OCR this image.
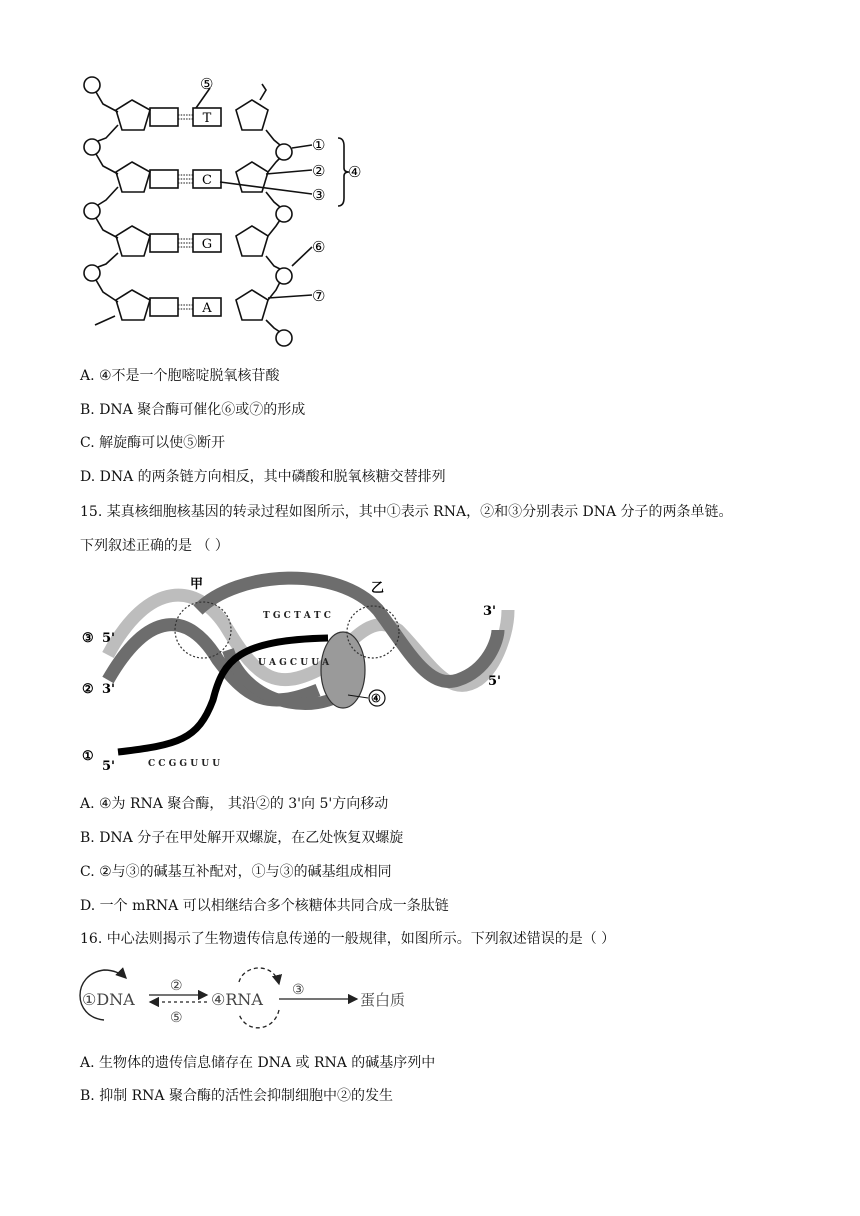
T
C
G
A
⑤
①
②
③
④
⑥
⑦
A. ④不是一个胞嘧啶脱氧核苷酸
B. DNA 聚合酶可催化⑥或⑦的形成
C. 解旋酶可以使⑤断开
D. DNA 的两条链方向相反，其中磷酸和脱氧核糖交替排列
15. 某真核细胞核基因的转录过程如图所示，其中①表示 RNA，②和③分别表示 DNA 分子的两条单链。
下列叙述正确的是 （ ）
T G C T A T C
U A G C U U A
C C G G U U U
甲	乙
③ 5'
② 3'
3'
5'
①
5'
④
A. ④为 RNA 聚合酶， 其沿②的 3'向 5'方向移动
B. DNA 分子在甲处解开双螺旋，在乙处恢复双螺旋
C. ②与③的碱基互补配对，①与③的碱基组成相同
D. 一个 mRNA 可以相继结合多个核糖体共同合成一条肽链
16. 中心法则揭示了生物遗传信息传递的一般规律，如图所示。下列叙述错误的是（ ）
①DNA	④RNA	蛋白质
②
⑤
③
A. 生物体的遗传信息储存在 DNA 或 RNA 的碱基序列中
B. 抑制 RNA 聚合酶的活性会抑制细胞中②的发生
